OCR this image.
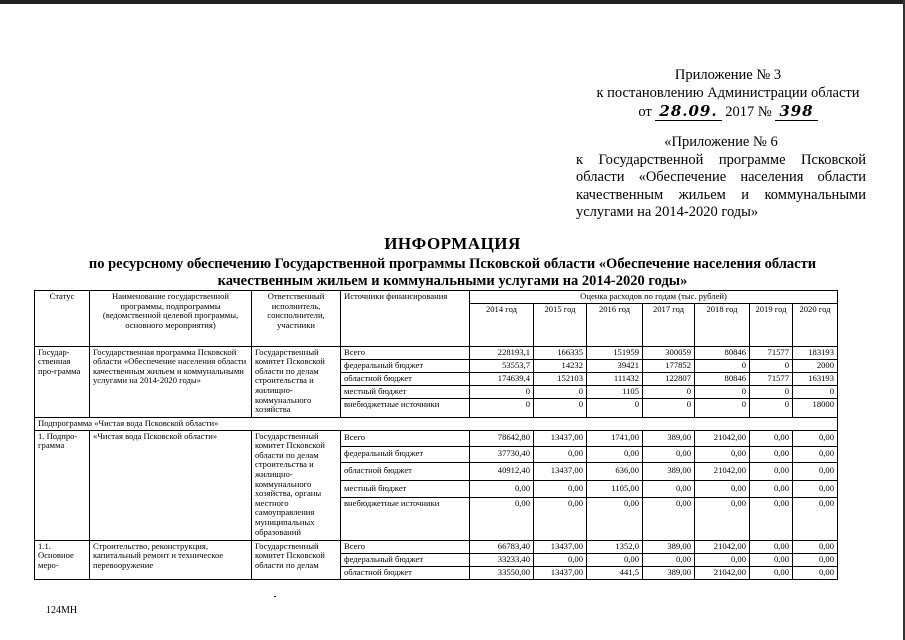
Приложение № 3
к постановлению Администрации области
от 28.09. 2017 № 398
«Приложение № 6
к Государственной программе Псковской области «Обеспечение населения области качественным жильем и коммунальными услугами на 2014-2020 годы»
ИНФОРМАЦИЯ
по ресурсному обеспечению Государственной программы Псковской области «Обеспечение населения области
качественным жильем и коммунальными услугами на 2014-2020 годы»
Статус	Наименование государственной программы, подпрограммы (ведомственной целевой программы, основного мероприятия)	Ответственный исполнитель, соисполнители, участники	Источники финансирования	Оценка расходов по годам (тыс. рублей)						
				2014 год	2015 год	2016 год	2017 год	2018 год	2019 год	2020 год
Государ-ственная про-грамма	Государственная программа Псковской области «Обеспечение населения области качественным жильем и коммунальными услугами на 2014-2020 годы»	Государственный комитет Псковской области по делам строительства и жилищно-коммунального хозяйства	Всего	228193,1	166335	151959	300059	80846	71577	183193
			федеральный бюджет	53553,7	14232	39421	177852	0	0	2000
			областной бюджет	174639,4	152103	111432	122807	80846	71577	163193
			местный бюджет	0	0	1105	0	0	0	0
			внебюджетные источники	0	0	0	0	0	0	18000
Подпрограмма «Чистая вода Псковской области»										
1. Подпро-грамма	«Чистая вода Псковской области»	Государственный комитет Псковской области по делам строительства и жилищно-коммунального хозяйства, органы местного самоуправления муниципальных образований	Всего	78642,80	13437,00	1741,00	389,00	21042,00	0,00	0,00
			федеральный бюджет	37730,40	0,00	0,00	0,00	0,00	0,00	0,00
			областной бюджет	40912,40	13437,00	636,00	389,00	21042,00	0,00	0,00
			местный бюджет	0,00	0,00	1105,00	0,00	0,00	0,00	0,00
			внебюджетные источники	0,00	0,00	0,00	0,00	0,00	0,00	0,00
1.1. Основное меро-	Строительство, реконструкция, капитальный ремонт и техническое перевооружение	Государственный комитет Псковской области по делам	Всего	66783,40	13437,00	1352,0	389,00	21042,00	0,00	0,00
			федеральный бюджет	33233,40	0,00	0,00	0,00	0,00	0,00	0,00
			областной бюджет	33550,00	13437,00	441,5	389,00	21042,00	0,00	0,00
124МН
